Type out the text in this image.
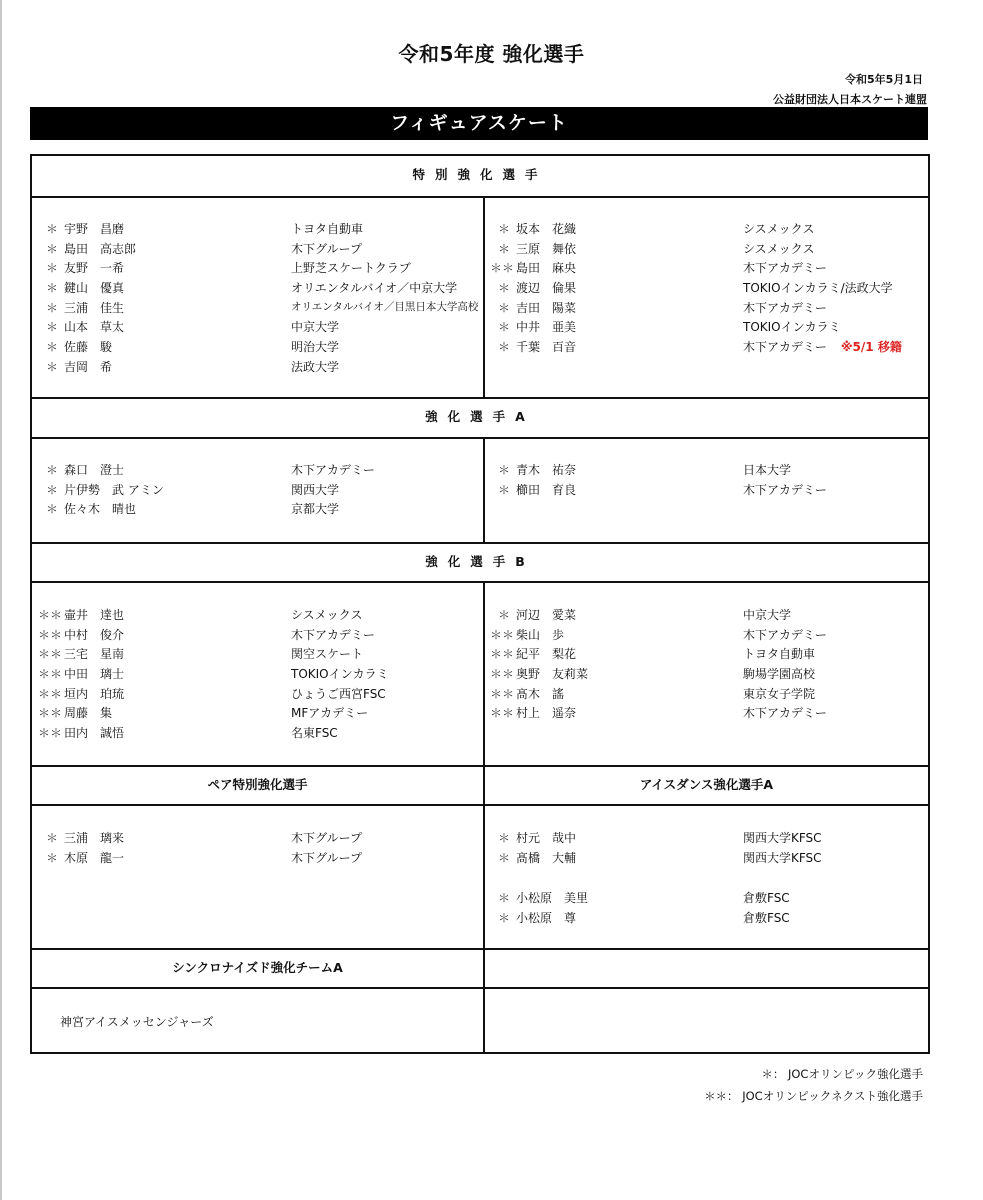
令和5年度 強化選手
令和5年5月1日
公益財団法人日本スケート連盟
フィギュアスケート
特別強化選手
＊ 宇野　昌磨	トヨタ自動車
＊ 島田　高志郎	木下グループ
＊ 友野　一希	上野芝スケートクラブ
＊ 鍵山　優真	オリエンタルバイオ／中京大学
＊ 三浦　佳生	オリエンタルバイオ／目黒日本大学高校
＊ 山本　草太	中京大学
＊ 佐藤　駿	明治大学
＊ 吉岡　希	法政大学
＊ 坂本　花織	シスメックス
＊ 三原　舞依	シスメックス
＊＊ 島田　麻央	木下アカデミー
＊ 渡辺　倫果	TOKIOインカラミ/法政大学
＊ 吉田　陽菜	木下アカデミー
＊ 中井　亜美	TOKIOインカラミ
＊ 千葉　百音	木下アカデミー ※5/1 移籍
強化選手A
＊ 森口　澄士	木下アカデミー
＊ 片伊勢　武 アミン	関西大学
＊ 佐々木　晴也	京都大学
＊ 青木　祐奈	日本大学
＊ 櫛田　育良	木下アカデミー
強化選手B
＊＊ 壷井　達也	シスメックス
＊＊ 中村　俊介	木下アカデミー
＊＊ 三宅　星南	関空スケート
＊＊ 中田　璃士	TOKIOインカラミ
＊＊ 垣内　珀琉	ひょうご西宮FSC
＊＊ 周藤　集	MFアカデミー
＊＊ 田内　誠悟	名東FSC
＊ 河辺　愛菜	中京大学
＊＊ 柴山　歩	木下アカデミー
＊＊ 紀平　梨花	トヨタ自動車
＊＊ 奥野　友莉菜	駒場学園高校
＊＊ 髙木　謠	東京女子学院
＊＊ 村上　遥奈	木下アカデミー
ペア特別強化選手	アイスダンス強化選手A
＊ 三浦　璃来	木下グループ
＊ 木原　龍一	木下グループ
＊ 村元　哉中	関西大学KFSC
＊ 髙橋　大輔	関西大学KFSC
＊ 小松原　美里	倉敷FSC
＊ 小松原　尊	倉敷FSC
シンクロナイズド強化チームA
神宮アイスメッセンジャーズ
＊： JOCオリンピック強化選手
＊＊： JOCオリンピックネクスト強化選手
